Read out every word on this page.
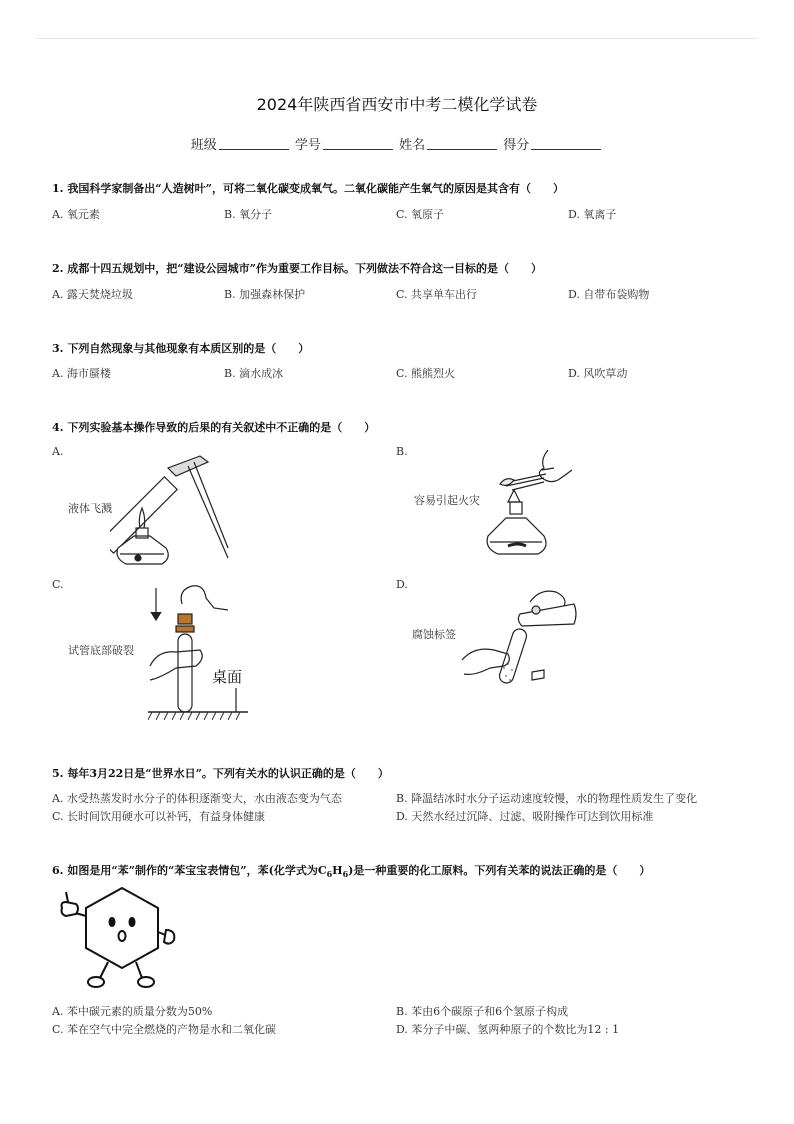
2024年陕西省西安市中考二模化学试卷
班级	学号	姓名	得分
1. 我国科学家制备出“人造树叶”，可将二氧化碳变成氧气。二氧化碳能产生氧气的原因是其含有（　　）
A. 氧元素	B. 氧分子	C. 氧原子	D. 氧离子
2. 成都十四五规划中，把“建设公园城市”作为重要工作目标。下列做法不符合这一目标的是（　　）
A. 露天焚烧垃圾	B. 加强森林保护	C. 共享单车出行	D. 自带布袋购物
3. 下列自然现象与其他现象有本质区别的是（　　）
A. 海市蜃楼	B. 滴水成冰	C. 熊熊烈火	D. 风吹草动
4. 下列实验基本操作导致的后果的有关叙述中不正确的是（　　）
A.	B.
C.	D.
液体飞溅
容易引起火灾
试管底部破裂
腐蚀标签
桌面
5. 每年3月22日是“世界水日”。下列有关水的认识正确的是（　　）
A. 水受热蒸发时水分子的体积逐渐变大，水由液态变为气态	B. 降温结冰时水分子运动速度较慢，水的物理性质发生了变化
C. 长时间饮用硬水可以补钙，有益身体健康	D. 天然水经过沉降、过滤、吸附操作可达到饮用标准
6. 如图是用“苯”制作的“苯宝宝表情包”，苯(化学式为$C_6H_6$)是一种重要的化工原料。下列有关苯的说法正确的是（　　）
A. 苯中碳元素的质量分数为50%	B. 苯由6个碳原子和6个氢原子构成
C. 苯在空气中完全燃烧的产物是水和二氧化碳	D. 苯分子中碳、氢两种原子的个数比为12 : 1
